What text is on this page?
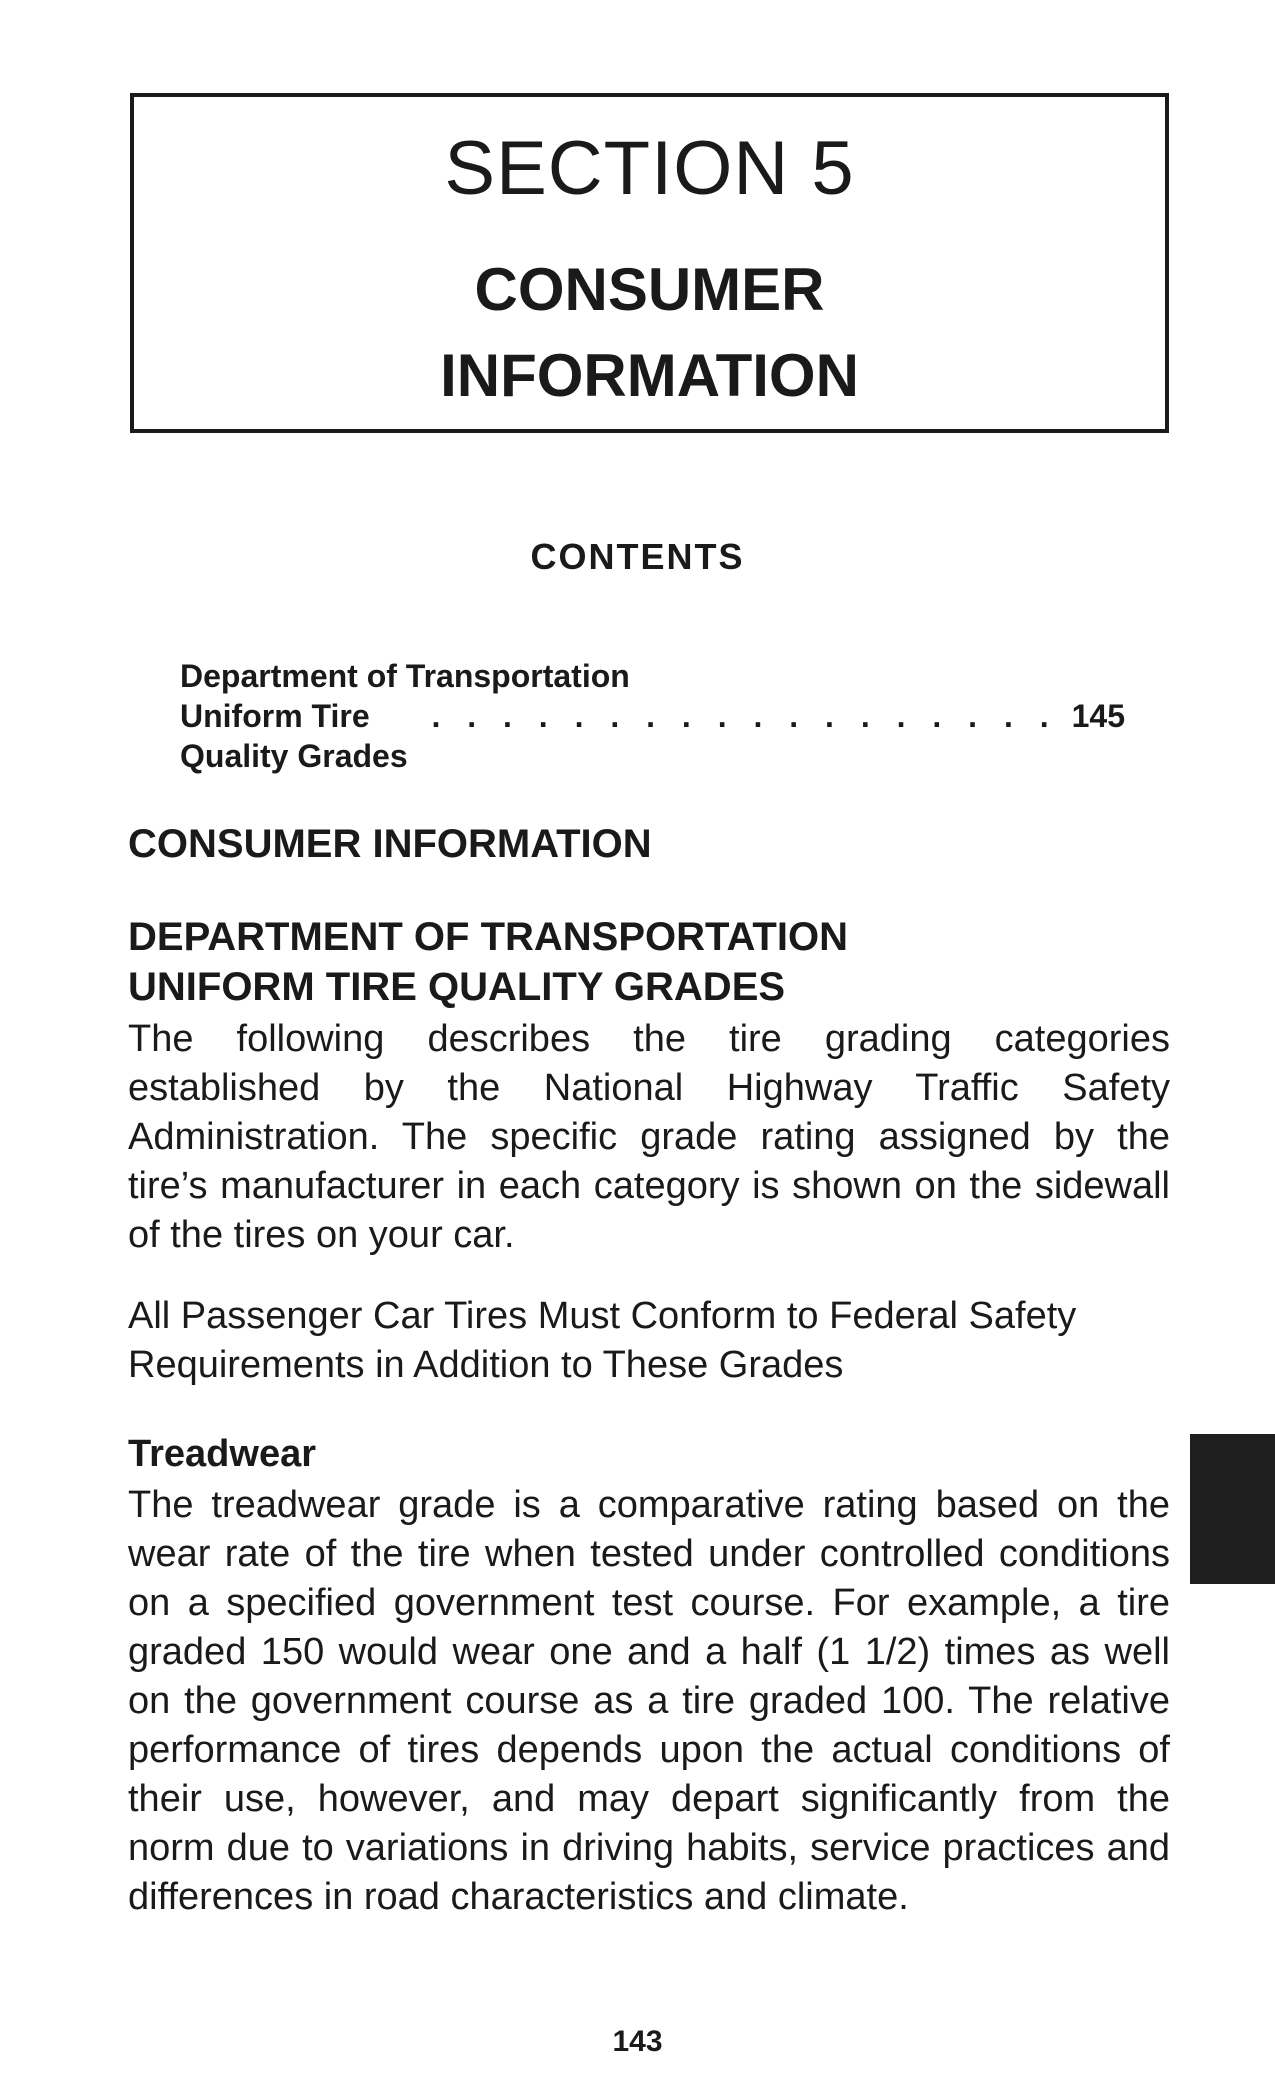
SECTION 5
CONSUMER
INFORMATION
CONTENTS
Department of Transportation
Uniform Tire Quality Grades
. . . . . . . . . . . . . . . . . . 145
CONSUMER INFORMATION
DEPARTMENT OF TRANSPORTATION
UNIFORM TIRE QUALITY GRADES
The following describes the tire grading categories established by the National Highway Traffic Safety Administration. The specific grade rating assigned by the tire’s manufacturer in each category is shown on the sidewall of the tires on your car.
All Passenger Car Tires Must Conform to Federal Safety Requirements in Addition to These Grades
Treadwear
The treadwear grade is a comparative rating based on the wear rate of the tire when tested under controlled conditions on a specified government test course. For example, a tire graded 150 would wear one and a half (1 1/2) times as well on the government course as a tire graded 100. The relative performance of tires depends upon the actual conditions of their use, however, and may depart significantly from the norm due to variations in driving habits, service practices and differences in road characteristics and climate.
143
